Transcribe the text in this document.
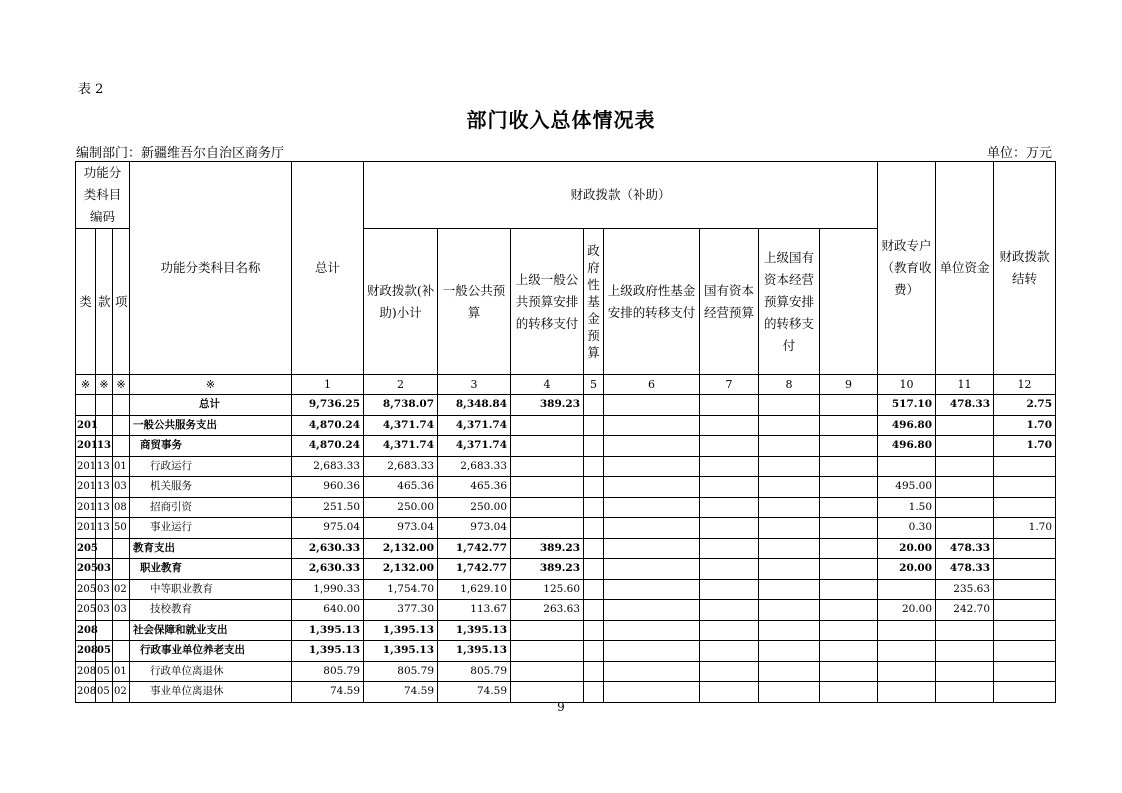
表 2
部门收入总体情况表
编制部门：新疆维吾尔自治区商务厅	单位：万元
功能分类科目编码			功能分类科目名称	总计	财政拨款（补助）								财政专户（教育收费）	单位资金	财政拨款结转	
类	款	项			财政拨款(补助)小计	一般公共预算	上级一般公共预算安排的转移支付	政府性基金预算	上级政府性基金安排的转移支付	国有资本经营预算	上级国有资本经营预算安排的转移支付					
※	※	※	※	1	2	3	4	5	6	7	8	9	10	11	12	
			总计	9,736.25	8,738.07	8,348.84	389.23						517.10	478.33	2.75	
201			一般公共服务支出	4,870.24	4,371.74	4,371.74							496.80		1.70	
201	13		商贸事务	4,870.24	4,371.74	4,371.74							496.80		1.70	
201	13	01	行政运行	2,683.33	2,683.33	2,683.33										
201	13	03	机关服务	960.36	465.36	465.36							495.00			
201	13	08	招商引资	251.50	250.00	250.00							1.50			
201	13	50	事业运行	975.04	973.04	973.04							0.30		1.70	
205			教育支出	2,630.33	2,132.00	1,742.77	389.23						20.00	478.33		
205	03		职业教育	2,630.33	2,132.00	1,742.77	389.23						20.00	478.33		
205	03	02	中等职业教育	1,990.33	1,754.70	1,629.10	125.60							235.63		
205	03	03	技校教育	640.00	377.30	113.67	263.63						20.00	242.70		
208			社会保障和就业支出	1,395.13	1,395.13	1,395.13										
208	05		行政事业单位养老支出	1,395.13	1,395.13	1,395.13										
208	05	01	行政单位离退休	805.79	805.79	805.79										
208	05	02	事业单位离退休	74.59	74.59	74.59										
9
